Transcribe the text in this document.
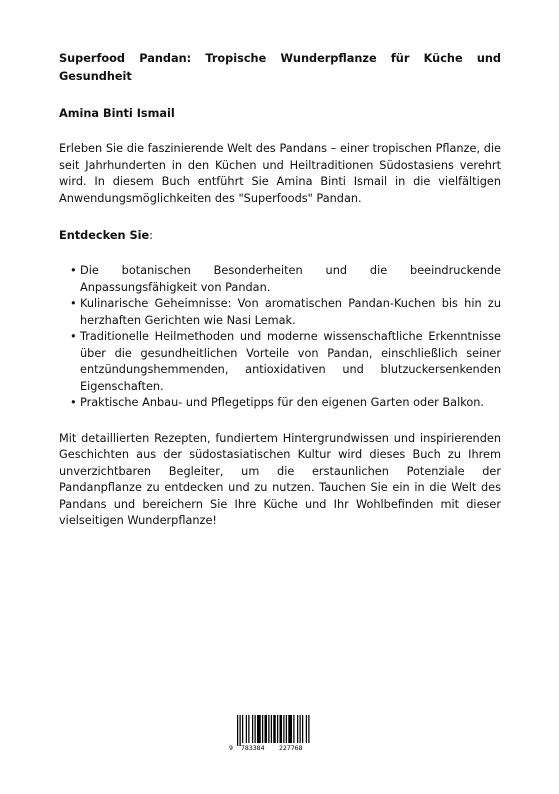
Superfood Pandan: Tropische Wunderpflanze für Küche und Gesundheit

Amina Binti Ismail

Erleben Sie die faszinierende Welt des Pandans – einer tropischen Pflanze, die seit Jahrhunderten in den Küchen und Heiltraditionen Südostasiens verehrt wird. In diesem Buch entführt Sie Amina Binti Ismail in die vielfältigen Anwendungsmöglichkeiten des "Superfoods" Pandan.

Entdecken Sie:

• Die botanischen Besonderheiten und die beeindruckende Anpassungsfähigkeit von Pandan.
• Kulinarische Geheimnisse: Von aromatischen Pandan-Kuchen bis hin zu herzhaften Gerichten wie Nasi Lemak.
• Traditionelle Heilmethoden und moderne wissenschaftliche Erkenntnisse über die gesundheitlichen Vorteile von Pandan, einschließlich seiner entzündungshemmenden, antioxidativen und blutzuckersenkenden Eigenschaften.
• Praktische Anbau- und Pflegetipps für den eigenen Garten oder Balkon.

Mit detaillierten Rezepten, fundiertem Hintergrundwissen und inspirierenden Geschichten aus der südostasiatischen Kultur wird dieses Buch zu Ihrem unverzichtbaren Begleiter, um die erstaunlichen Potenziale der Pandanpflanze zu entdecken und zu nutzen. Tauchen Sie ein in die Welt des Pandans und bereichern Sie Ihre Küche und Ihr Wohlbefinden mit dieser vielseitigen Wunderpflanze!

9 783384 227768
